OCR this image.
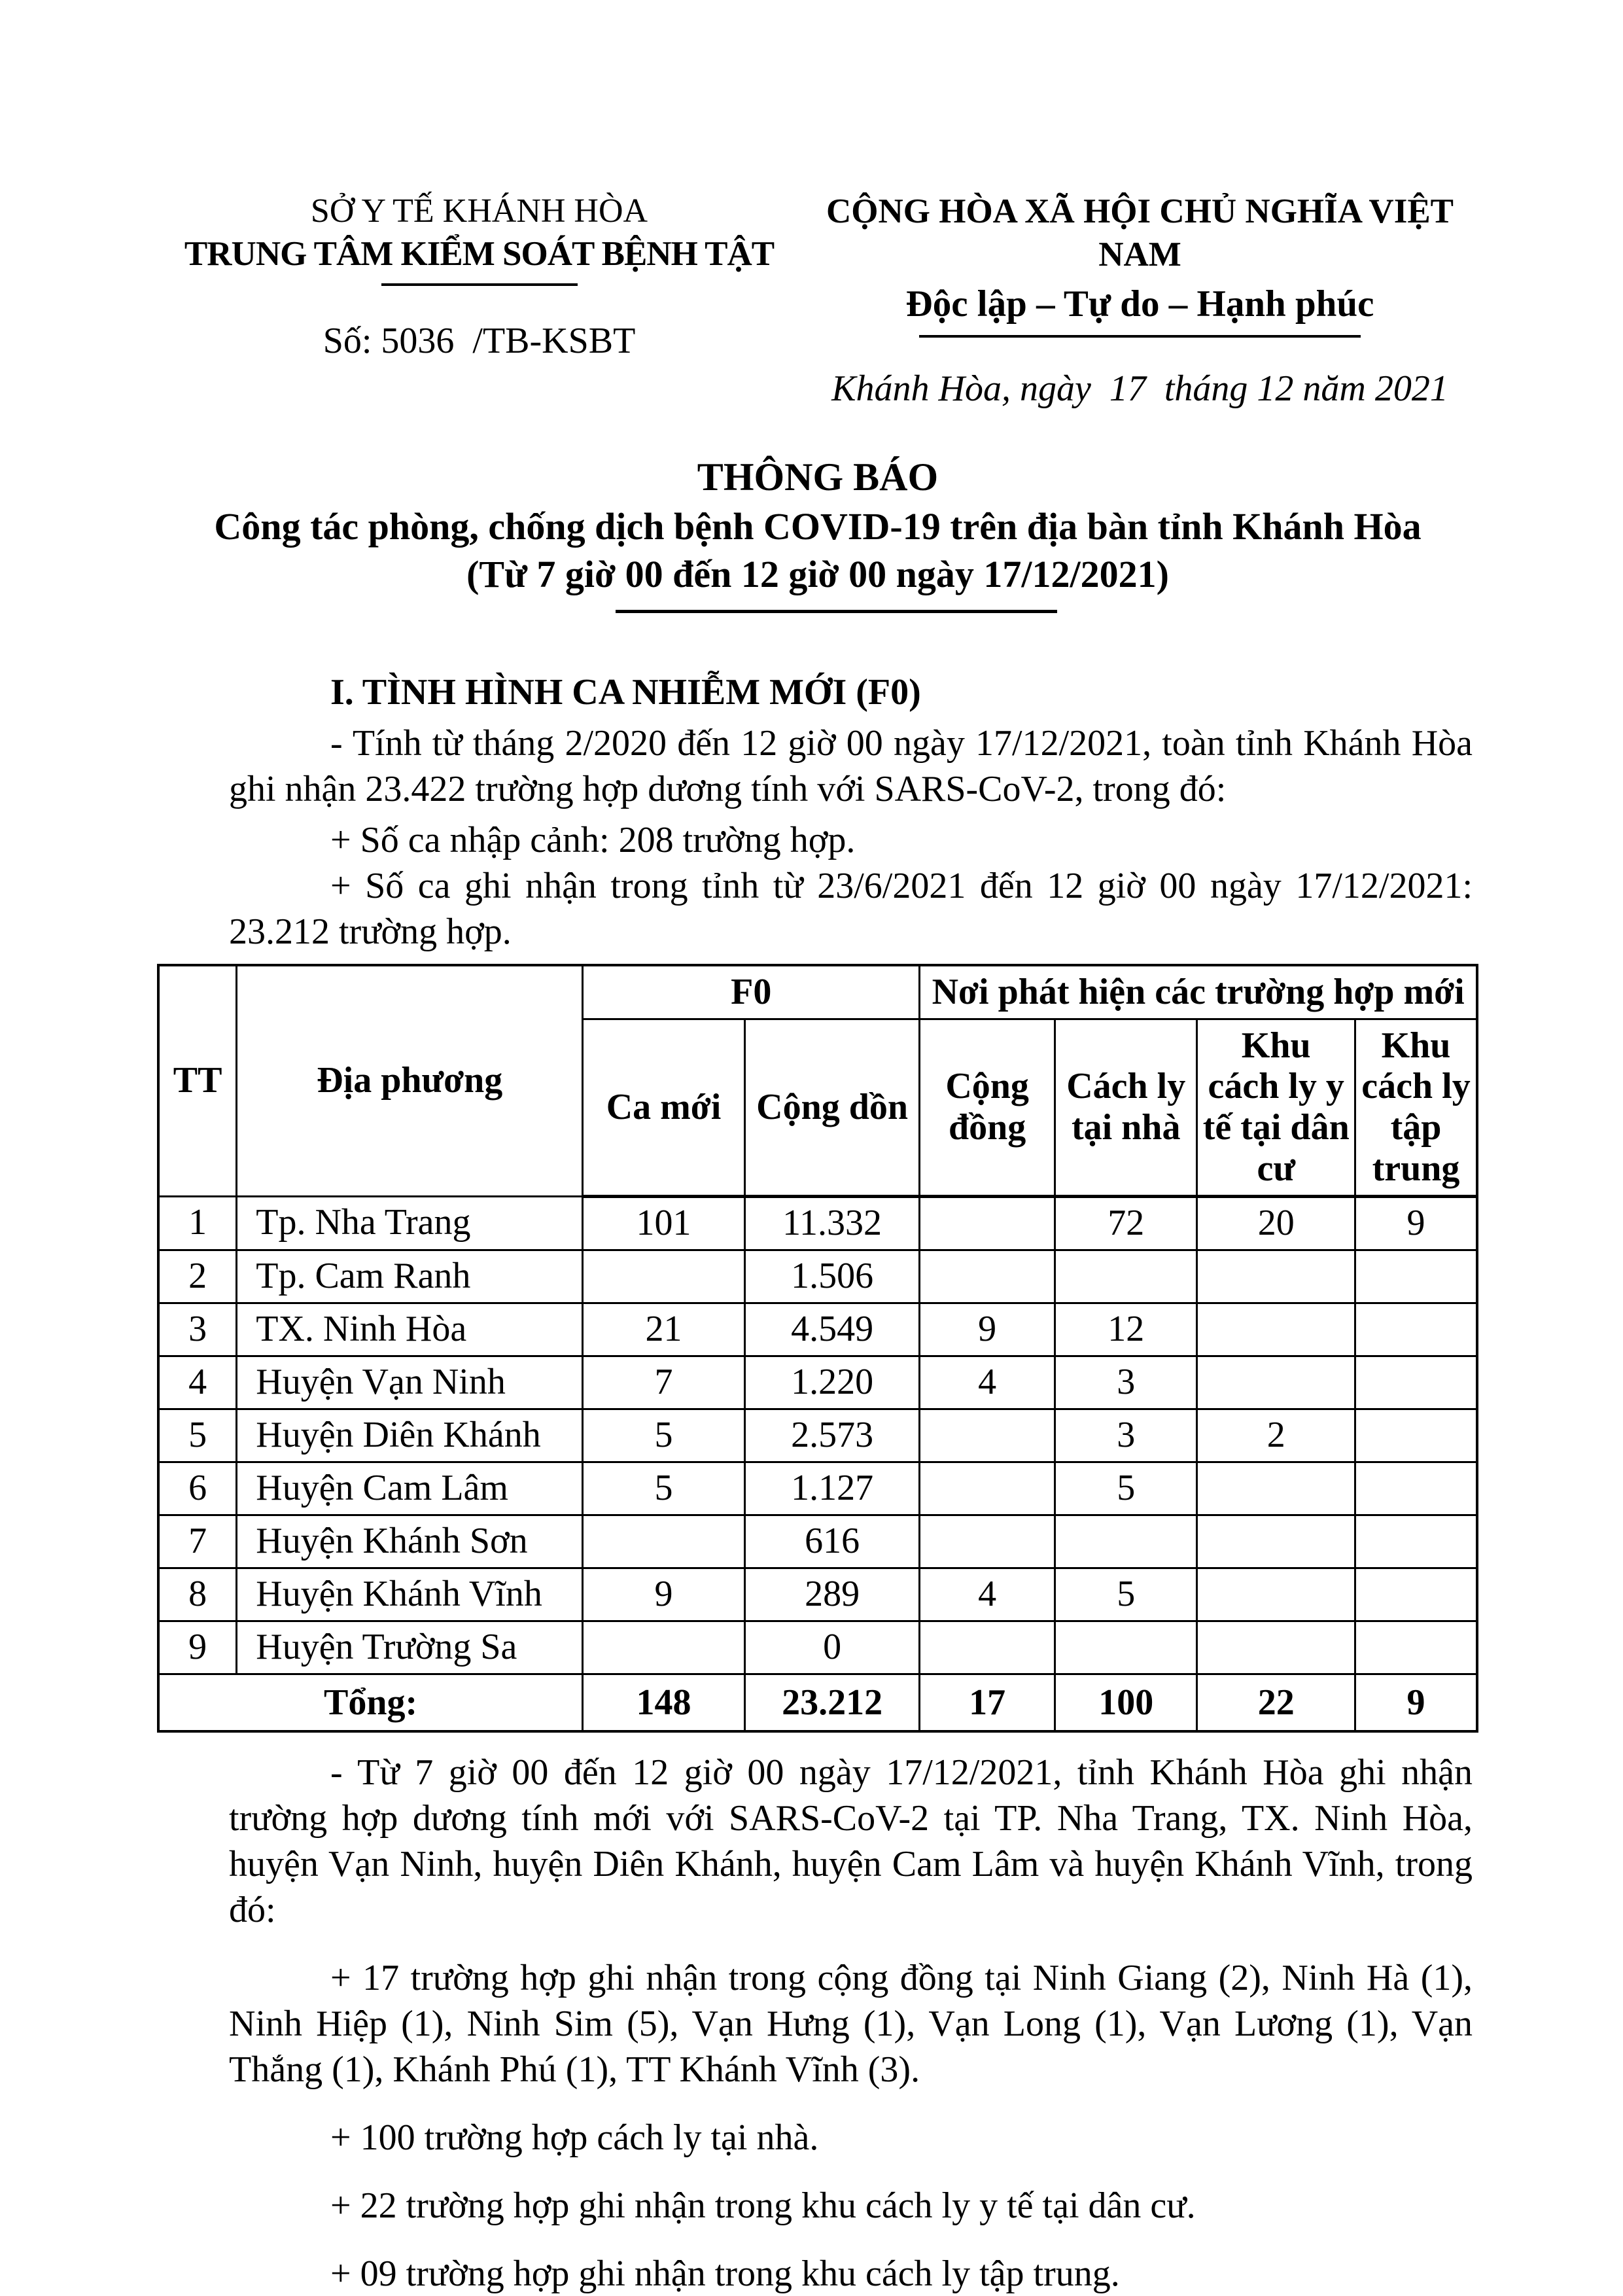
SỞ Y TẾ KHÁNH HÒA
TRUNG TÂM KIỂM SOÁT BỆNH TẬT
Số: 5036  /TB-KSBT
CỘNG HÒA XÃ HỘI CHỦ NGHĨA VIỆT NAM
Độc lập – Tự do – Hạnh phúc
Khánh Hòa, ngày  17  tháng 12 năm 2021
THÔNG BÁO
Công tác phòng, chống dịch bệnh COVID-19 trên địa bàn tỉnh Khánh Hòa
(Từ 7 giờ 00 đến 12 giờ 00 ngày 17/12/2021)
I. TÌNH HÌNH CA NHIỄM MỚI (F0)

- Tính từ tháng 2/2020 đến 12 giờ 00 ngày 17/12/2021, toàn tỉnh Khánh Hòa ghi nhận 23.422 trường hợp dương tính với SARS-CoV-2, trong đó:

+ Số ca nhập cảnh: 208 trường hợp.

+ Số ca ghi nhận trong tỉnh từ 23/6/2021 đến 12 giờ 00 ngày 17/12/2021: 23.212 trường hợp.

TT	Địa phương	F0		Nơi phát hiện các trường hợp mới			
		Ca mới	Cộng dồn	Cộng đồng	Cách ly tại nhà	Khu cách ly y tế tại dân cư	Khu cách ly tập trung
1	Tp. Nha Trang	101	11.332		72	20	9
2	Tp. Cam Ranh		1.506				
3	TX. Ninh Hòa	21	4.549	9	12		
4	Huyện Vạn Ninh	7	1.220	4	3		
5	Huyện Diên Khánh	5	2.573		3	2	
6	Huyện Cam Lâm	5	1.127		5		
7	Huyện Khánh Sơn		616				
8	Huyện Khánh Vĩnh	9	289	4	5		
9	Huyện Trường Sa		0				
Tổng:		148	23.212	17	100	22	9

- Từ 7 giờ 00 đến 12 giờ 00 ngày 17/12/2021, tỉnh Khánh Hòa ghi nhận trường hợp dương tính mới với SARS-CoV-2 tại TP. Nha Trang, TX. Ninh Hòa, huyện Vạn Ninh, huyện Diên Khánh, huyện Cam Lâm và huyện Khánh Vĩnh, trong đó:

+ 17 trường hợp ghi nhận trong cộng đồng tại Ninh Giang (2), Ninh Hà (1), Ninh Hiệp (1), Ninh Sim (5), Vạn Hưng (1), Vạn Long (1), Vạn Lương (1), Vạn Thắng (1), Khánh Phú (1), TT Khánh Vĩnh (3).

+ 100 trường hợp cách ly tại nhà.

+ 22 trường hợp ghi nhận trong khu cách ly y tế tại dân cư.

+ 09 trường hợp ghi nhận trong khu cách ly tập trung.
